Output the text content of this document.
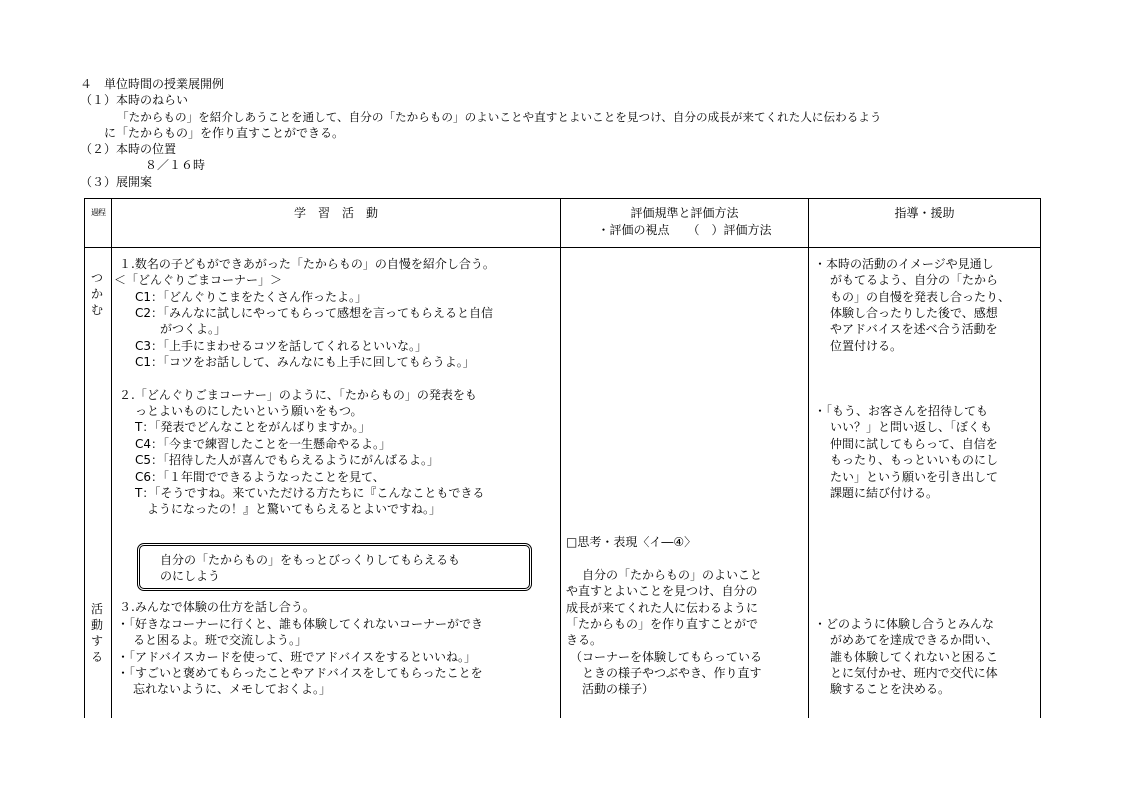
４　単位時間の授業展開例
（１）本時のねらい
「たからもの」を紹介しあうことを通して、自分の「たからもの」のよいことや直すとよいことを見つけ、自分の成長が来てくれた人に伝わるよう
に「たからもの」を作り直すことができる。
（２）本時の位置
８／１６時
（３）展開案
過程	学　習　活　動	評価規準と評価方法
・評価の視点　　（　）評価方法
指導・援助
つ
か
む
活
動
す
る
１.数名の子どもができあがった「たからもの」の自慢を紹介し合う。
＜「どんぐりごまコーナー」＞
C1：「どんぐりこまをたくさん作ったよ。」
C2：「みんなに試しにやってもらって感想を言ってもらえると自信
がつくよ。」
C3：「上手にまわせるコツを話してくれるといいな。」
C1：「コツをお話しして、みんなにも上手に回してもらうよ。」
２.「どんぐりごまコーナー」のように、「たからもの」の発表をも
っとよいものにしたいという願いをもつ。
T：「発表でどんなことをがんばりますか。」
C4：「今まで練習したことを一生懸命やるよ。」
C5：「招待した人が喜んでもらえるようにがんばるよ。」
C6：「１年間でできるようなったことを見て、
T：「そうですね。来ていただける方たちに『こんなこともできる
ようになったの！』と驚いてもらえるとよいですね。」
自分の「たからもの」をもっとびっくりしてもらえるも
のにしよう
３.みんなで体験の仕方を話し合う。
・「好きなコーナーに行くと、誰も体験してくれないコーナーができ
ると困るよ。班で交流しよう。」
・「アドバイスカードを使って、班でアドバイスをするといいね。」
・「すごいと褒めてもらったことやアドバイスをしてもらったことを
忘れないように、メモしておくよ。」
□思考・表現〈イ―④〉
自分の「たからもの」のよいこと
や直すとよいことを見つけ、自分の
成長が来てくれた人に伝わるように
「たからもの」を作り直すことがで
きる。
（コーナーを体験してもらっている
ときの様子やつぶやき、作り直す
活動の様子）
・本時の活動のイメージや見通し
がもてるよう、自分の「たから
もの」の自慢を発表し合ったり、
体験し合ったりした後で、感想
やアドバイスを述べ合う活動を
位置付ける。
・「もう、お客さんを招待しても
いい？」と問い返し、「ぼくも
仲間に試してもらって、自信を
もったり、もっといいものにし
たい」という願いを引き出して
課題に結び付ける。
・どのように体験し合うとみんな
がめあてを達成できるか問い、
誰も体験してくれないと困るこ
とに気付かせ、班内で交代に体
験することを決める。
